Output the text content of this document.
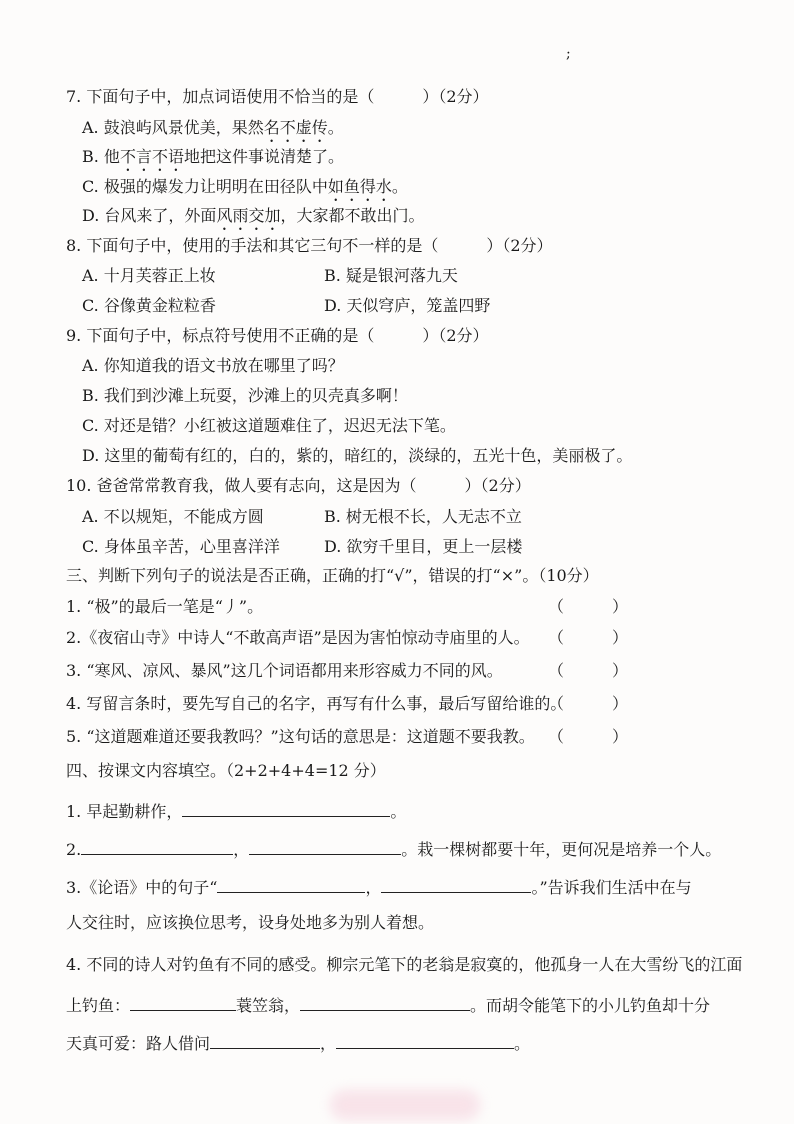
;
7. 下面句子中，加点词语使用不恰当的是（　　　）（2分）
A. 鼓浪屿风景优美，果然名不虚传。
B. 他不言不语地把这件事说清楚了。
C. 极强的爆发力让明明在田径队中如鱼得水。
D. 台风来了，外面风雨交加，大家都不敢出门。
8. 下面句子中，使用的手法和其它三句不一样的是（　　　）（2分）
A. 十月芙蓉正上妆	B. 疑是银河落九天
C. 谷像黄金粒粒香	D. 天似穹庐，笼盖四野
9. 下面句子中，标点符号使用不正确的是（　　　）（2分）
A. 你知道我的语文书放在哪里了吗？
B. 我们到沙滩上玩耍，沙滩上的贝壳真多啊！
C. 对还是错？小红被这道题难住了，迟迟无法下笔。
D. 这里的葡萄有红的，白的，紫的，暗红的，淡绿的，五光十色，美丽极了。
10. 爸爸常常教育我，做人要有志向，这是因为（　　　）（2分）
A. 不以规矩，不能成方圆	B. 树无根不长，人无志不立
C. 身体虽辛苦，心里喜洋洋	D. 欲穷千里目，更上一层楼
三、判断下列句子的说法是否正确，正确的打“√”，错误的打“×”。（10分）
1. “极”的最后一笔是“丿”。	（　　　）
2.《夜宿山寺》中诗人“不敢高声语”是因为害怕惊动寺庙里的人。 （　　　）
3. “寒风、凉风、暴风”这几个词语都用来形容威力不同的风。	（　　　）
4. 写留言条时，要先写自己的名字，再写有什么事，最后写留给谁的。
（　　　）
5. “这道题难道还要我教吗？”这句话的意思是：这道题不要我教。 （　　　）
四、按课文内容填空。（2+2+4+4=12 分）
1. 早起勤耕作，	。
2.	，	。栽一棵树都要十年，更何况是培养一个人。
3.《论语》中的句子“	，	。”告诉我们生活中在与
人交往时，应该换位思考，设身处地多为别人着想。
4. 不同的诗人对钓鱼有不同的感受。柳宗元笔下的老翁是寂寞的，他孤身一人在大雪纷飞的江面
上钓鱼：	蓑笠翁，	。而胡令能笔下的小儿钓鱼却十分
天真可爱：路人借问	，	。
